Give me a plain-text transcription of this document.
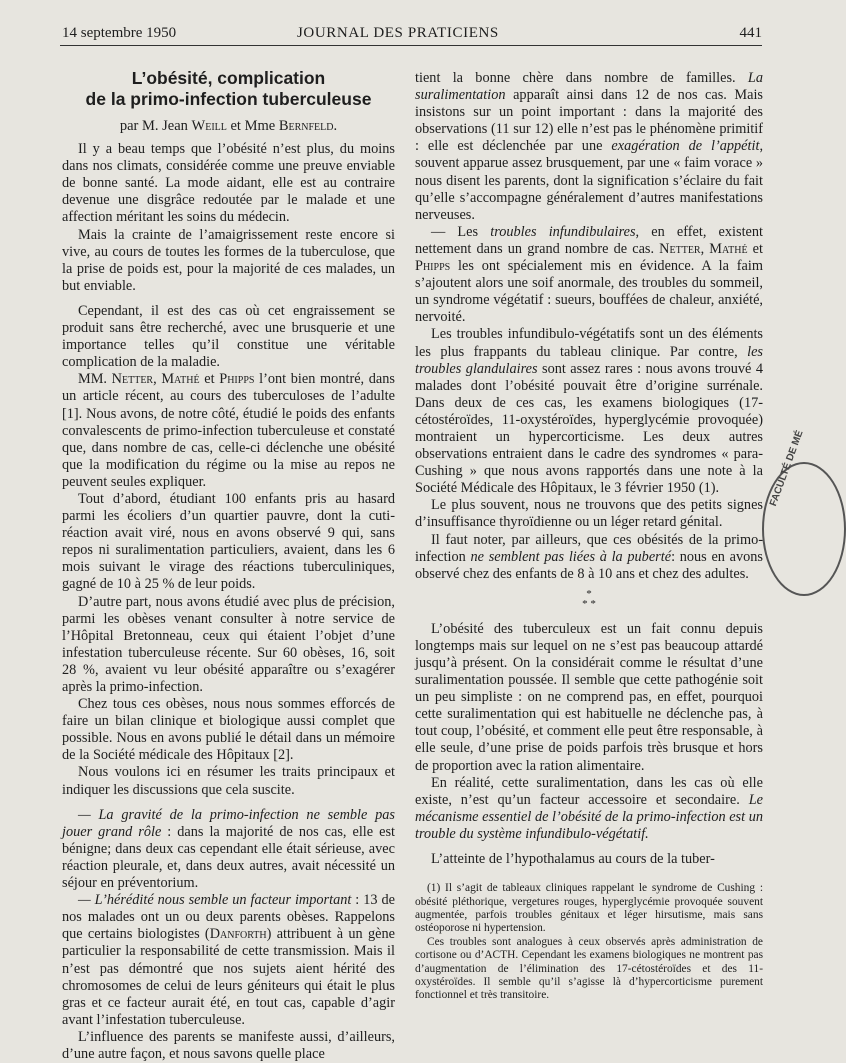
14 septembre 1950	JOURNAL DES PRATICIENS	441
L’obésité, complication
de la primo-infection tuberculeuse
par M. Jean Weill et Mme Bernfeld.

Il y a beau temps que l’obésité n’est plus, du moins dans nos climats, considérée comme une preuve enviable de bonne santé. La mode aidant, elle est au contraire devenue une disgrâce redoutée par le malade et une affection méritant les soins du médecin.

Mais la crainte de l’amaigrissement reste encore si vive, au cours de toutes les formes de la tuberculose, que la prise de poids est, pour la majorité de ces malades, un but enviable.

Cependant, il est des cas où cet engraissement se produit sans être recherché, avec une brusquerie et une importance telles qu’il constitue une véritable complication de la maladie.

MM. Netter, Mathé et Phipps l’ont bien montré, dans un article récent, au cours des tuberculoses de l’adulte [1]. Nous avons, de notre côté, étudié le poids des enfants convalescents de primo-infection tuberculeuse et constaté que, dans nombre de cas, celle-ci déclenche une obésité que la modification du régime ou la mise au repos ne peuvent seules expliquer.

Tout d’abord, étudiant 100 enfants pris au hasard parmi les écoliers d’un quartier pauvre, dont la cuti-réaction avait viré, nous en avons observé 9 qui, sans repos ni suralimentation particuliers, avaient, dans les 6 mois suivant le virage des réactions tuberculiniques, gagné de 10 à 25 % de leur poids.

D’autre part, nous avons étudié avec plus de précision, parmi les obèses venant consulter à notre service de l’Hôpital Bretonneau, ceux qui étaient l’objet d’une infestation tuberculeuse récente. Sur 60 obèses, 16, soit 28 %, avaient vu leur obésité apparaître ou s’exagérer après la primo-infection.

Chez tous ces obèses, nous nous sommes efforcés de faire un bilan clinique et biologique aussi complet que possible. Nous en avons publié le détail dans un mémoire de la Société médicale des Hôpitaux [2].

Nous voulons ici en résumer les traits principaux et indiquer les discussions que cela suscite.

— La gravité de la primo-infection ne semble pas jouer grand rôle : dans la majorité de nos cas, elle est bénigne; dans deux cas cependant elle était sérieuse, avec réaction pleurale, et, dans deux autres, avait nécessité un séjour en préventorium.

— L’hérédité nous semble un facteur important : 13 de nos malades ont un ou deux parents obèses. Rappelons que certains biologistes (Danforth) attribuent à un gène particulier la responsabilité de cette transmission. Mais il n’est pas démontré que nos sujets aient hérité des chromosomes de celui de leurs géniteurs qui était le plus gras et ce facteur aurait été, en tout cas, capable d’agir avant l’infestation tuberculeuse.

L’influence des parents se manifeste aussi, d’ailleurs, d’une autre façon, et nous savons quelle place

tient la bonne chère dans nombre de familles. La suralimentation apparaît ainsi dans 12 de nos cas. Mais insistons sur un point important : dans la majorité des observations (11 sur 12) elle n’est pas le phénomène primitif : elle est déclenchée par une exagération de l’appétit, souvent apparue assez brusquement, par une « faim vorace » nous disent les parents, dont la signification s’éclaire du fait qu’elle s’accompagne généralement d’autres manifestations nerveuses.

— Les troubles infundibulaires, en effet, existent nettement dans un grand nombre de cas. Netter, Mathé et Phipps les ont spécialement mis en évidence. A la faim s’ajoutent alors une soif anormale, des troubles du sommeil, un syndrome végétatif : sueurs, bouffées de chaleur, anxiété, nervoité.

Les troubles infundibulo-végétatifs sont un des éléments les plus frappants du tableau clinique. Par contre, les troubles glandulaires sont assez rares : nous avons trouvé 4 malades dont l’obésité pouvait être d’origine surrénale. Dans deux de ces cas, les examens biologiques (17-cétostéroïdes, 11-oxystéroïdes, hyperglycémie provoquée) montraient un hypercorticisme. Les deux autres observations entraient dans le cadre des syndromes « para-Cushing » que nous avons rapportés dans une note à la Société Médicale des Hôpitaux, le 3 février 1950 (1).

Le plus souvent, nous ne trouvons que des petits signes d’insuffisance thyroïdienne ou un léger retard génital.

Il faut noter, par ailleurs, que ces obésités de la primo-infection ne semblent pas liées à la puberté: nous en avons observé chez des enfants de 8 à 10 ans et chez des adultes.

*
* *

L’obésité des tuberculeux est un fait connu depuis longtemps mais sur lequel on ne s’est pas beaucoup attardé jusqu’à présent. On la considérait comme le résultat d’une suralimentation poussée. Il semble que cette pathogénie soit un peu simpliste : on ne comprend pas, en effet, pourquoi cette suralimentation qui est habituelle ne déclenche pas, à tout coup, l’obésité, et comment elle peut être responsable, à elle seule, d’une prise de poids parfois très brusque et hors de proportion avec la ration alimentaire.

En réalité, cette suralimentation, dans les cas où elle existe, n’est qu’un facteur accessoire et secondaire. Le mécanisme essentiel de l’obésité de la primo-infection est un trouble du système infundibulo-végétatif.

L’atteinte de l’hypothalamus au cours de la tuber-

(1) Il s’agit de tableaux cliniques rappelant le syndrome de Cushing : obésité pléthorique, vergetures rouges, hyperglycémie provoquée souvent augmentée, parfois troubles génitaux et léger hirsutisme, mais sans ostéoporose ni hypertension.

Ces troubles sont analogues à ceux observés après administration de cortisone ou d’ACTH. Cependant les examens biologiques ne montrent pas d’augmentation de l’élimination des 17-cétostéroïdes et des 11-oxystéroïdes. Il semble qu’il s’agisse là d’hypercorticisme purement fonctionnel et très transitoire.

FACULTÉ DE MÉ
